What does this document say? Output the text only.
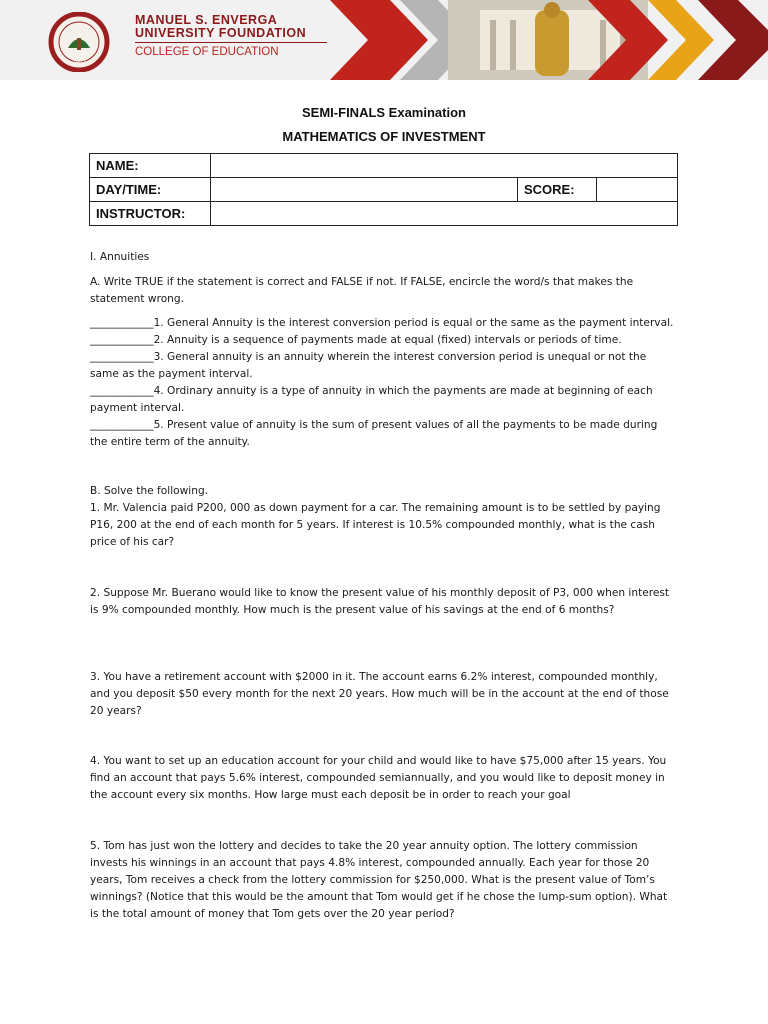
1947
MANUEL S. ENVERGA
UNIVERSITY FOUNDATION
COLLEGE OF EDUCATION
SEMI-FINALS Examination
MATHEMATICS OF INVESTMENT
NAME:			
DAY/TIME:		SCORE:	
INSTRUCTOR:			

I. Annuities

A. Write TRUE if the statement is correct and FALSE if not. If FALSE, encircle the word/s that makes the statement wrong.

____________1. General Annuity is the interest conversion period is equal or the same as the payment interval.

____________2. Annuity is a sequence of payments made at equal (fixed) intervals or periods of time.

____________3. General annuity is an annuity wherein the interest conversion period is unequal or not the same as the payment interval.

____________4. Ordinary annuity is a type of annuity in which the payments are made at beginning of each payment interval.

____________5. Present value of annuity is the sum of present values of all the payments to be made during the entire term of the annuity.

B. Solve the following.

1. Mr. Valencia paid P200, 000 as down payment for a car. The remaining amount is to be settled by paying P16, 200 at the end of each month for 5 years. If interest is 10.5% compounded monthly, what is the cash price of his car?

2. Suppose Mr. Buerano would like to know the present value of his monthly deposit of P3, 000 when interest is 9% compounded monthly. How much is the present value of his savings at the end of 6 months?

3. You have a retirement account with $2000 in it. The account earns 6.2% interest, compounded monthly, and you deposit $50 every month for the next 20 years. How much will be in the account at the end of those 20 years?

4. You want to set up an education account for your child and would like to have $75,000 after 15 years. You find an account that pays 5.6% interest, compounded semiannually, and you would like to deposit money in the account every six months. How large must each deposit be in order to reach your goal

5. Tom has just won the lottery and decides to take the 20 year annuity option. The lottery commission invests his winnings in an account that pays 4.8% interest, compounded annually. Each year for those 20 years, Tom receives a check from the lottery commission for $250,000. What is the present value of Tom’s winnings? (Notice that this would be the amount that Tom would get if he chose the lump-sum option). What is the total amount of money that Tom gets over the 20 year period?
